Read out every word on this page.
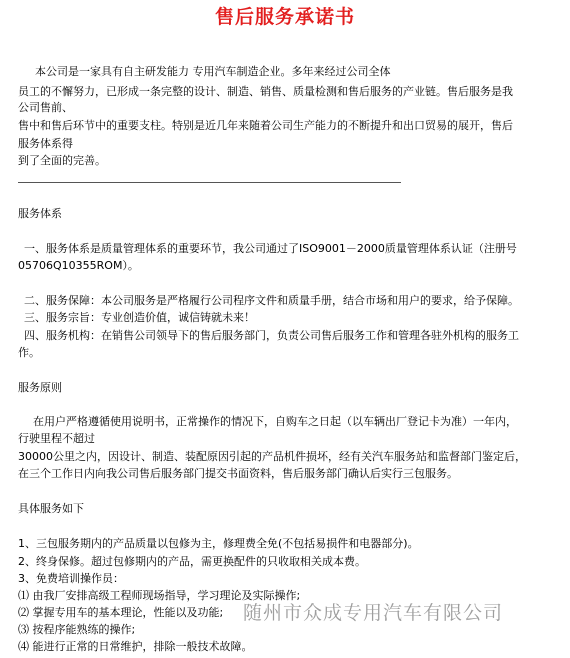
售后服务承诺书
本公司是一家具有自主研发能力 专用汽车制造企业。多年来经过公司全体
员工的不懈努力，已形成一条完整的设计、制造、销售、质量检测和售后服务的产业链。售后服务是我
公司售前、
售中和售后环节中的重要支柱。特别是近几年来随着公司生产能力的不断提升和出口贸易的展开，售后
服务体系得
到了全面的完善。
服务体系
一、服务体系是质量管理体系的重要环节，我公司通过了ISO9001－2000质量管理体系认证（注册号
05706Q10355ROM）。
二、服务保障：本公司服务是严格履行公司程序文件和质量手册，结合市场和用户的要求，给予保障。
三、服务宗旨：专业创造价值，诚信铸就未来！
四、服务机构：在销售公司领导下的售后服务部门，负责公司售后服务工作和管理各驻外机构的服务工
作。
服务原则
在用户严格遵循使用说明书，正常操作的情况下，自购车之日起（以车辆出厂登记卡为准）一年内，
行驶里程不超过
30000公里之内，因设计、制造、装配原因引起的产品机件损坏，经有关汽车服务站和监督部门鉴定后，
在三个工作日内向我公司售后服务部门提交书面资料，售后服务部门确认后实行三包服务。
具体服务如下
1、三包服务期内的产品质量以包修为主，修理费全免(不包括易损件和电器部分)。
2、终身保修。超过包修期内的产品，需更换配件的只收取相关成本费。
3、免费培训操作员：
⑴ 由我厂安排高级工程师现场指导，学习理论及实际操作;
⑵ 掌握专用车的基本理论，性能以及功能;
⑶ 按程序能熟练的操作;
⑷ 能进行正常的日常维护，排除一般技术故障。
随州市众成专用汽车有限公司
